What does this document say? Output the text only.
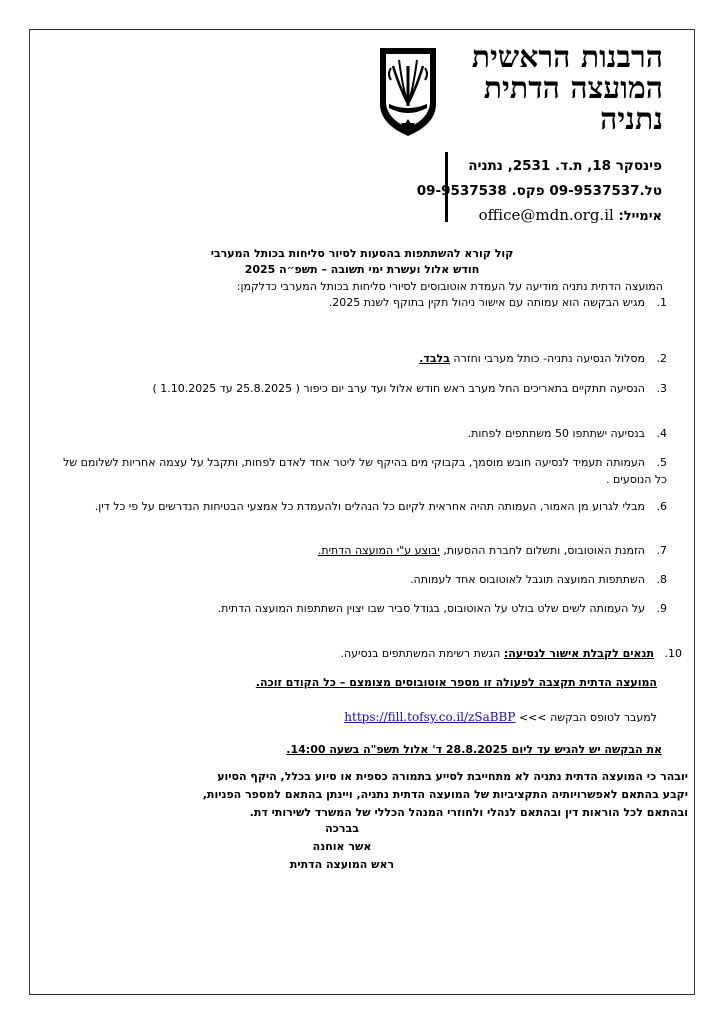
הרבנות הראשית
המועצה הדתית
נתניה
פינסקר 18, ת.ד. 2531, נתניה
טל.09-9537537 פקס. 09-9537538
אימייל: office@mdn.org.il
קול קורא להשתתפות בהסעות לסיור סליחות בכותל המערבי
חודש אלול ועשרת ימי תשובה – תשפ״ה 2025
המועצה הדתית נתניה מודיעה על העמדת אוטובוסים לסיורי סליחות בכותל המערבי כדלקמן:
1.מגיש הבקשה הוא עמותה עם אישור ניהול תקין בתוקף לשנת 2025.
2.מסלול הנסיעה נתניה- כותל מערבי וחזרה בלבד.
3.הנסיעה תתקיים בתאריכים החל מערב ראש חודש אלול ועד ערב יום כיפור ( 25.8.2025 עד 1.10.2025 )
4.בנסיעה ישתתפו 50 משתתפים לפחות.
5.העמותה תעמיד לנסיעה חובש מוסמך, בקבוקי מים בהיקף של ליטר אחד לאדם לפחות, ותקבל על עצמה אחריות לשלומם של כל הנוסעים .
6.מבלי לגרוע מן האמור, העמותה תהיה אחראית לקיום כל הנהלים ולהעמדת כל אמצעי הבטיחות הנדרשים על פי כל דין.
7.הזמנת האוטובוס, ותשלום לחברת ההסעות, יבוצע ע"י המועצה הדתית.
8.השתתפות המועצה תוגבל לאוטובוס אחד לעמותה.
9.על העמותה לשים שלט בולט על האוטובוס, בגודל סביר שבו יצוין השתתפות המועצה הדתית.
10.תנאים לקבלת אישור לנסיעה: הגשת רשימת המשתתפים בנסיעה.
המועצה הדתית תקצבה לפעולה זו מספר אוטובוסים מצומצם – כל הקודם זוכה.
למעבר לטופס הבקשה >>> https://fill.tofsy.co.il/zSaBBP
את הבקשה יש להגיש עד ליום 28.8.2025 ד' אלול תשפ"ה בשעה 14:00.
יובהר כי המועצה הדתית נתניה לא מתחייבת לסייע בתמורה כספית או סיוע בכלל, היקף הסיוע
יקבע בהתאם לאפשרויותיה התקציביות של המועצה הדתית נתניה, ויינתן בהתאם למספר הפניות,
ובהתאם לכל הוראות דין ובהתאם לנהלי ולחוזרי המנהל הכללי של המשרד לשירותי דת.
בברכה
אשר אוחנה
ראש המועצה הדתית
